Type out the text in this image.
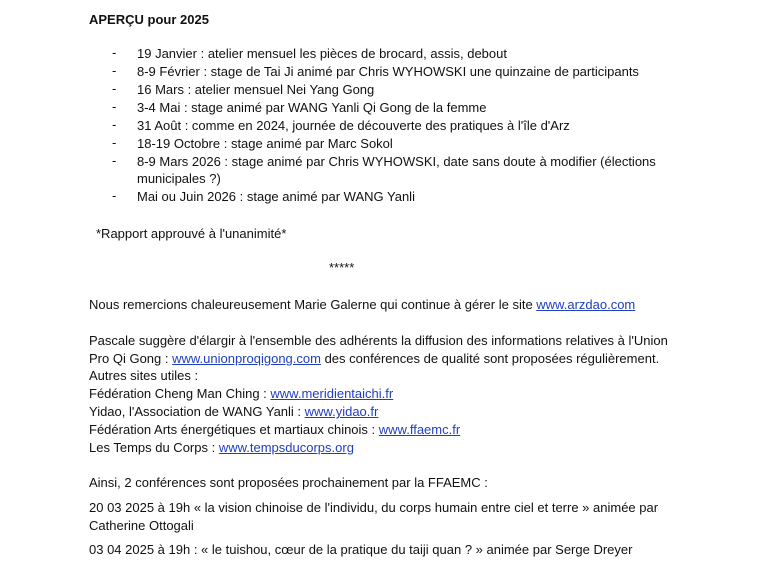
APERÇU pour 2025
- 19 Janvier : atelier mensuel les pièces de brocard, assis, debout
- 8-9 Février : stage de Tai Ji animé par Chris WYHOWSKI une quinzaine de participants
- 16 Mars : atelier mensuel Nei Yang Gong
- 3-4 Mai : stage animé par WANG Yanli Qi Gong de la femme
- 31 Août : comme en 2024, journée de découverte des pratiques à l'île d'Arz
- 18-19 Octobre : stage animé par Marc Sokol
- 8-9 Mars 2026 : stage animé par Chris WYHOWSKI, date sans doute à modifier (élections
municipales ?)
- Mai ou Juin 2026 : stage animé par WANG Yanli
*Rapport approuvé à l'unanimité*
*****
Nous remercions chaleureusement Marie Galerne qui continue à gérer le site www.arzdao.com
Pascale suggère d'élargir à l'ensemble des adhérents la diffusion des informations relatives à l'Union
Pro Qi Gong : www.unionproqigong.com des conférences de qualité sont proposées régulièrement.
Autres sites utiles :
Fédération Cheng Man Ching : www.meridientaichi.fr
Yidao, l'Association de WANG Yanli : www.yidao.fr
Fédération Arts énergétiques et martiaux chinois : www.ffaemc.fr
Les Temps du Corps : www.tempsducorps.org
Ainsi, 2 conférences sont proposées prochainement par la FFAEMC :
20 03 2025 à 19h « la vision chinoise de l'individu, du corps humain entre ciel et terre » animée par
Catherine Ottogali
03 04 2025 à 19h : « le tuishou, cœur de la pratique du taiji quan ? » animée par Serge Dreyer
